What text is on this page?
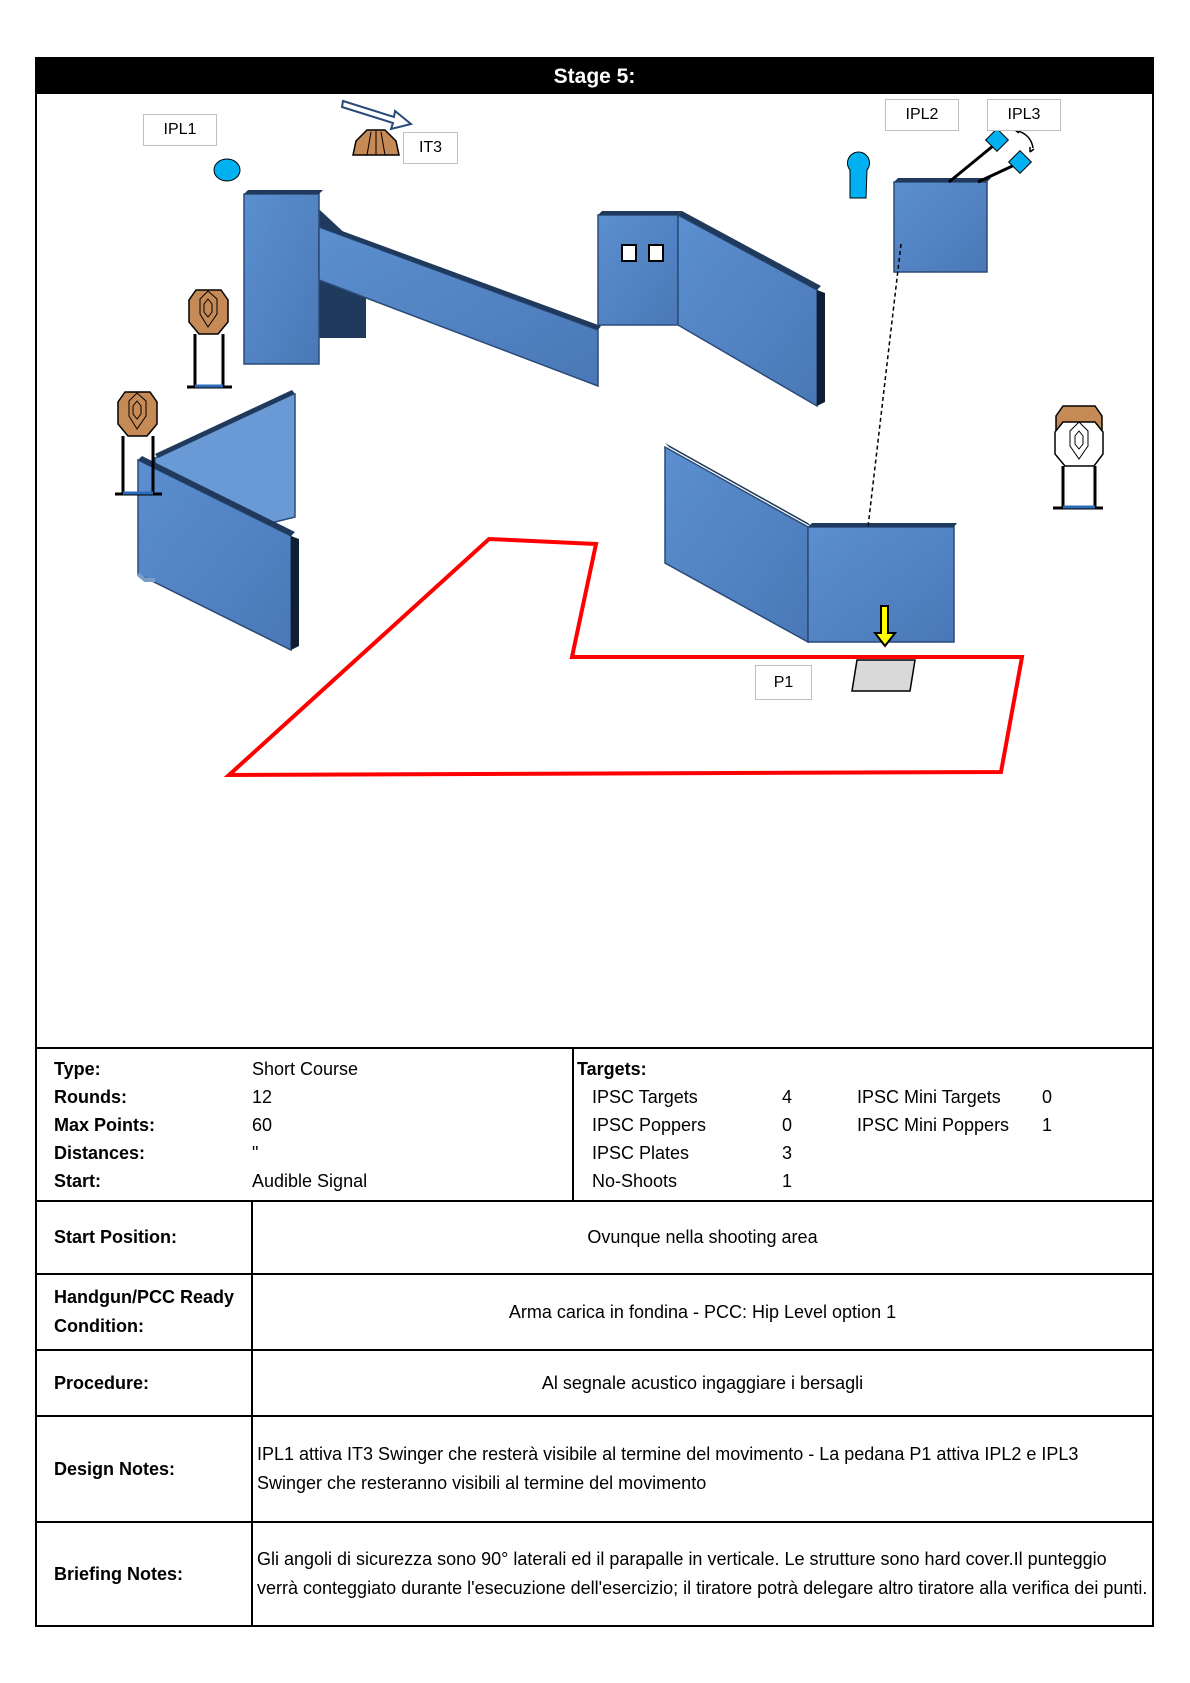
Stage 5:
IPL1
IT3
IPL2	IPL3
P1
Type:	Short Course
Rounds:	12
Max Points:	60
Distances:	"
Start:	Audible Signal
Targets:
IPSC Targets	4
IPSC Poppers	0
IPSC Plates	3
No-Shoots	1
IPSC Mini Targets 0
IPSC Mini Poppers 1
Start Position:	Ovunque nella shooting area
Handgun/PCC Ready
Condition:
Arma carica in fondina - PCC: Hip Level option 1
Procedure:	Al segnale acustico ingaggiare i bersagli
Design Notes:
IPL1 attiva IT3 Swinger che resterà visibile al termine del movimento - La pedana P1 attiva IPL2 e IPL3 Swinger che resteranno visibili al termine del movimento
Briefing Notes:
Gli angoli di sicurezza sono 90° laterali ed il parapalle in verticale. Le strutture sono hard cover.Il punteggio verrà conteggiato durante l'esecuzione dell'esercizio; il tiratore potrà delegare altro tiratore alla verifica dei punti.
